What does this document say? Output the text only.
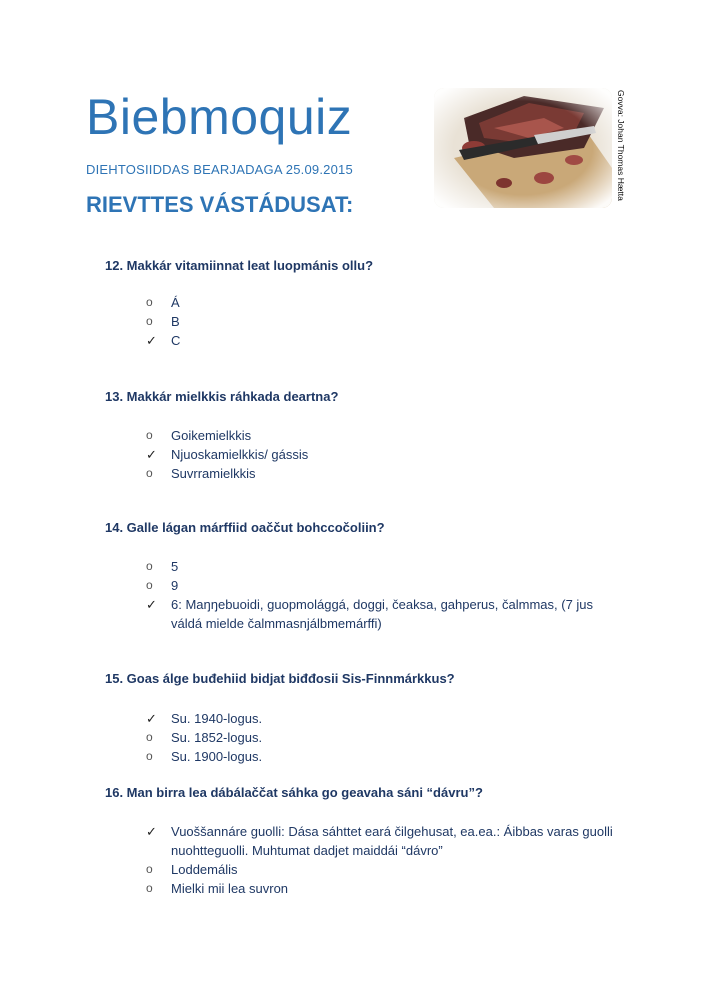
Biebmoquiz
DIEHTOSIIDDAS BEARJADAGA 25.09.2015
RIEVTTES VÁSTÁDUSAT:
Govva: Johan Thomas Hætta
12. Makkár vitamiinnat leat luopmánis ollu?
o	Á
o	B
✓	C
13. Makkár mielkkis ráhkada deartna?
o	Goikemielkkis
✓	Njuoskamielkkis/ gássis
o	Suvrramielkkis
14. Galle lágan márffiid oaččut bohccočoliin?
o	5
o	9
✓	6: Maŋŋebuoidi, guopmolággá, doggi, čeaksa, gahperus, čalmmas, (7 jus váldá mielde čalmmasnjálbmemárffi)
15. Goas álge buđehiid bidjat biđđosii Sis-Finnmárkkus?
✓	Su. 1940-logus.
o	Su. 1852-logus.
o	Su. 1900-logus.
16. Man birra lea dábálaččat sáhka go geavaha sáni “dávru”?
✓	Vuoššannáre guolli: Dása sáhttet eará čilgehusat, ea.ea.: Áibbas varas guolli nuohtteguolli. Muhtumat dadjet maiddái “dávro”
o	Loddemális
o	Mielki mii lea suvron
